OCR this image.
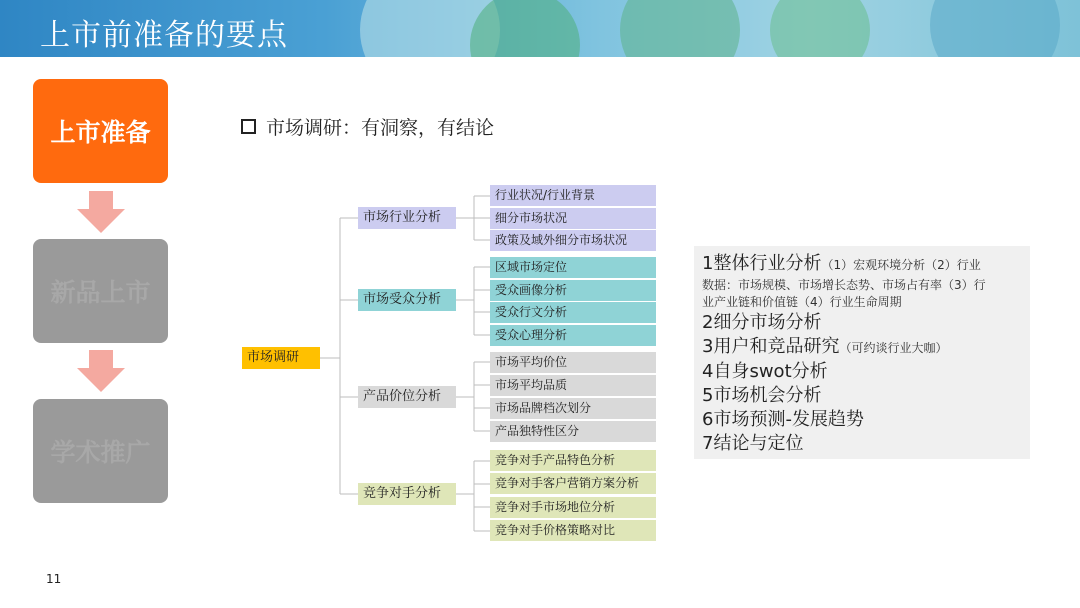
上市前准备的要点
上市准备
新品上市
学术推广
市场调研：有洞察，有结论
市场调研
市场行业分析
市场受众分析
产品价位分析
竞争对手分析
行业状况/行业背景
细分市场状况
政策及域外细分市场状况
区域市场定位
受众画像分析
受众行文分析
受众心理分析
市场平均价位
市场平均品质
市场品牌档次划分
产品独特性区分
竞争对手产品特色分析
竞争对手客户营销方案分析
竞争对手市场地位分析
竞争对手价格策略对比
1整体行业分析（1）宏观环境分析（2）行业
数据：市场规模、市场增长态势、市场占有率（3）行
业产业链和价值链（4）行业生命周期
2细分市场分析
3用户和竞品研究（可约谈行业大咖）
4自身swot分析
5市场机会分析
6市场预测-发展趋势
7结论与定位
11
